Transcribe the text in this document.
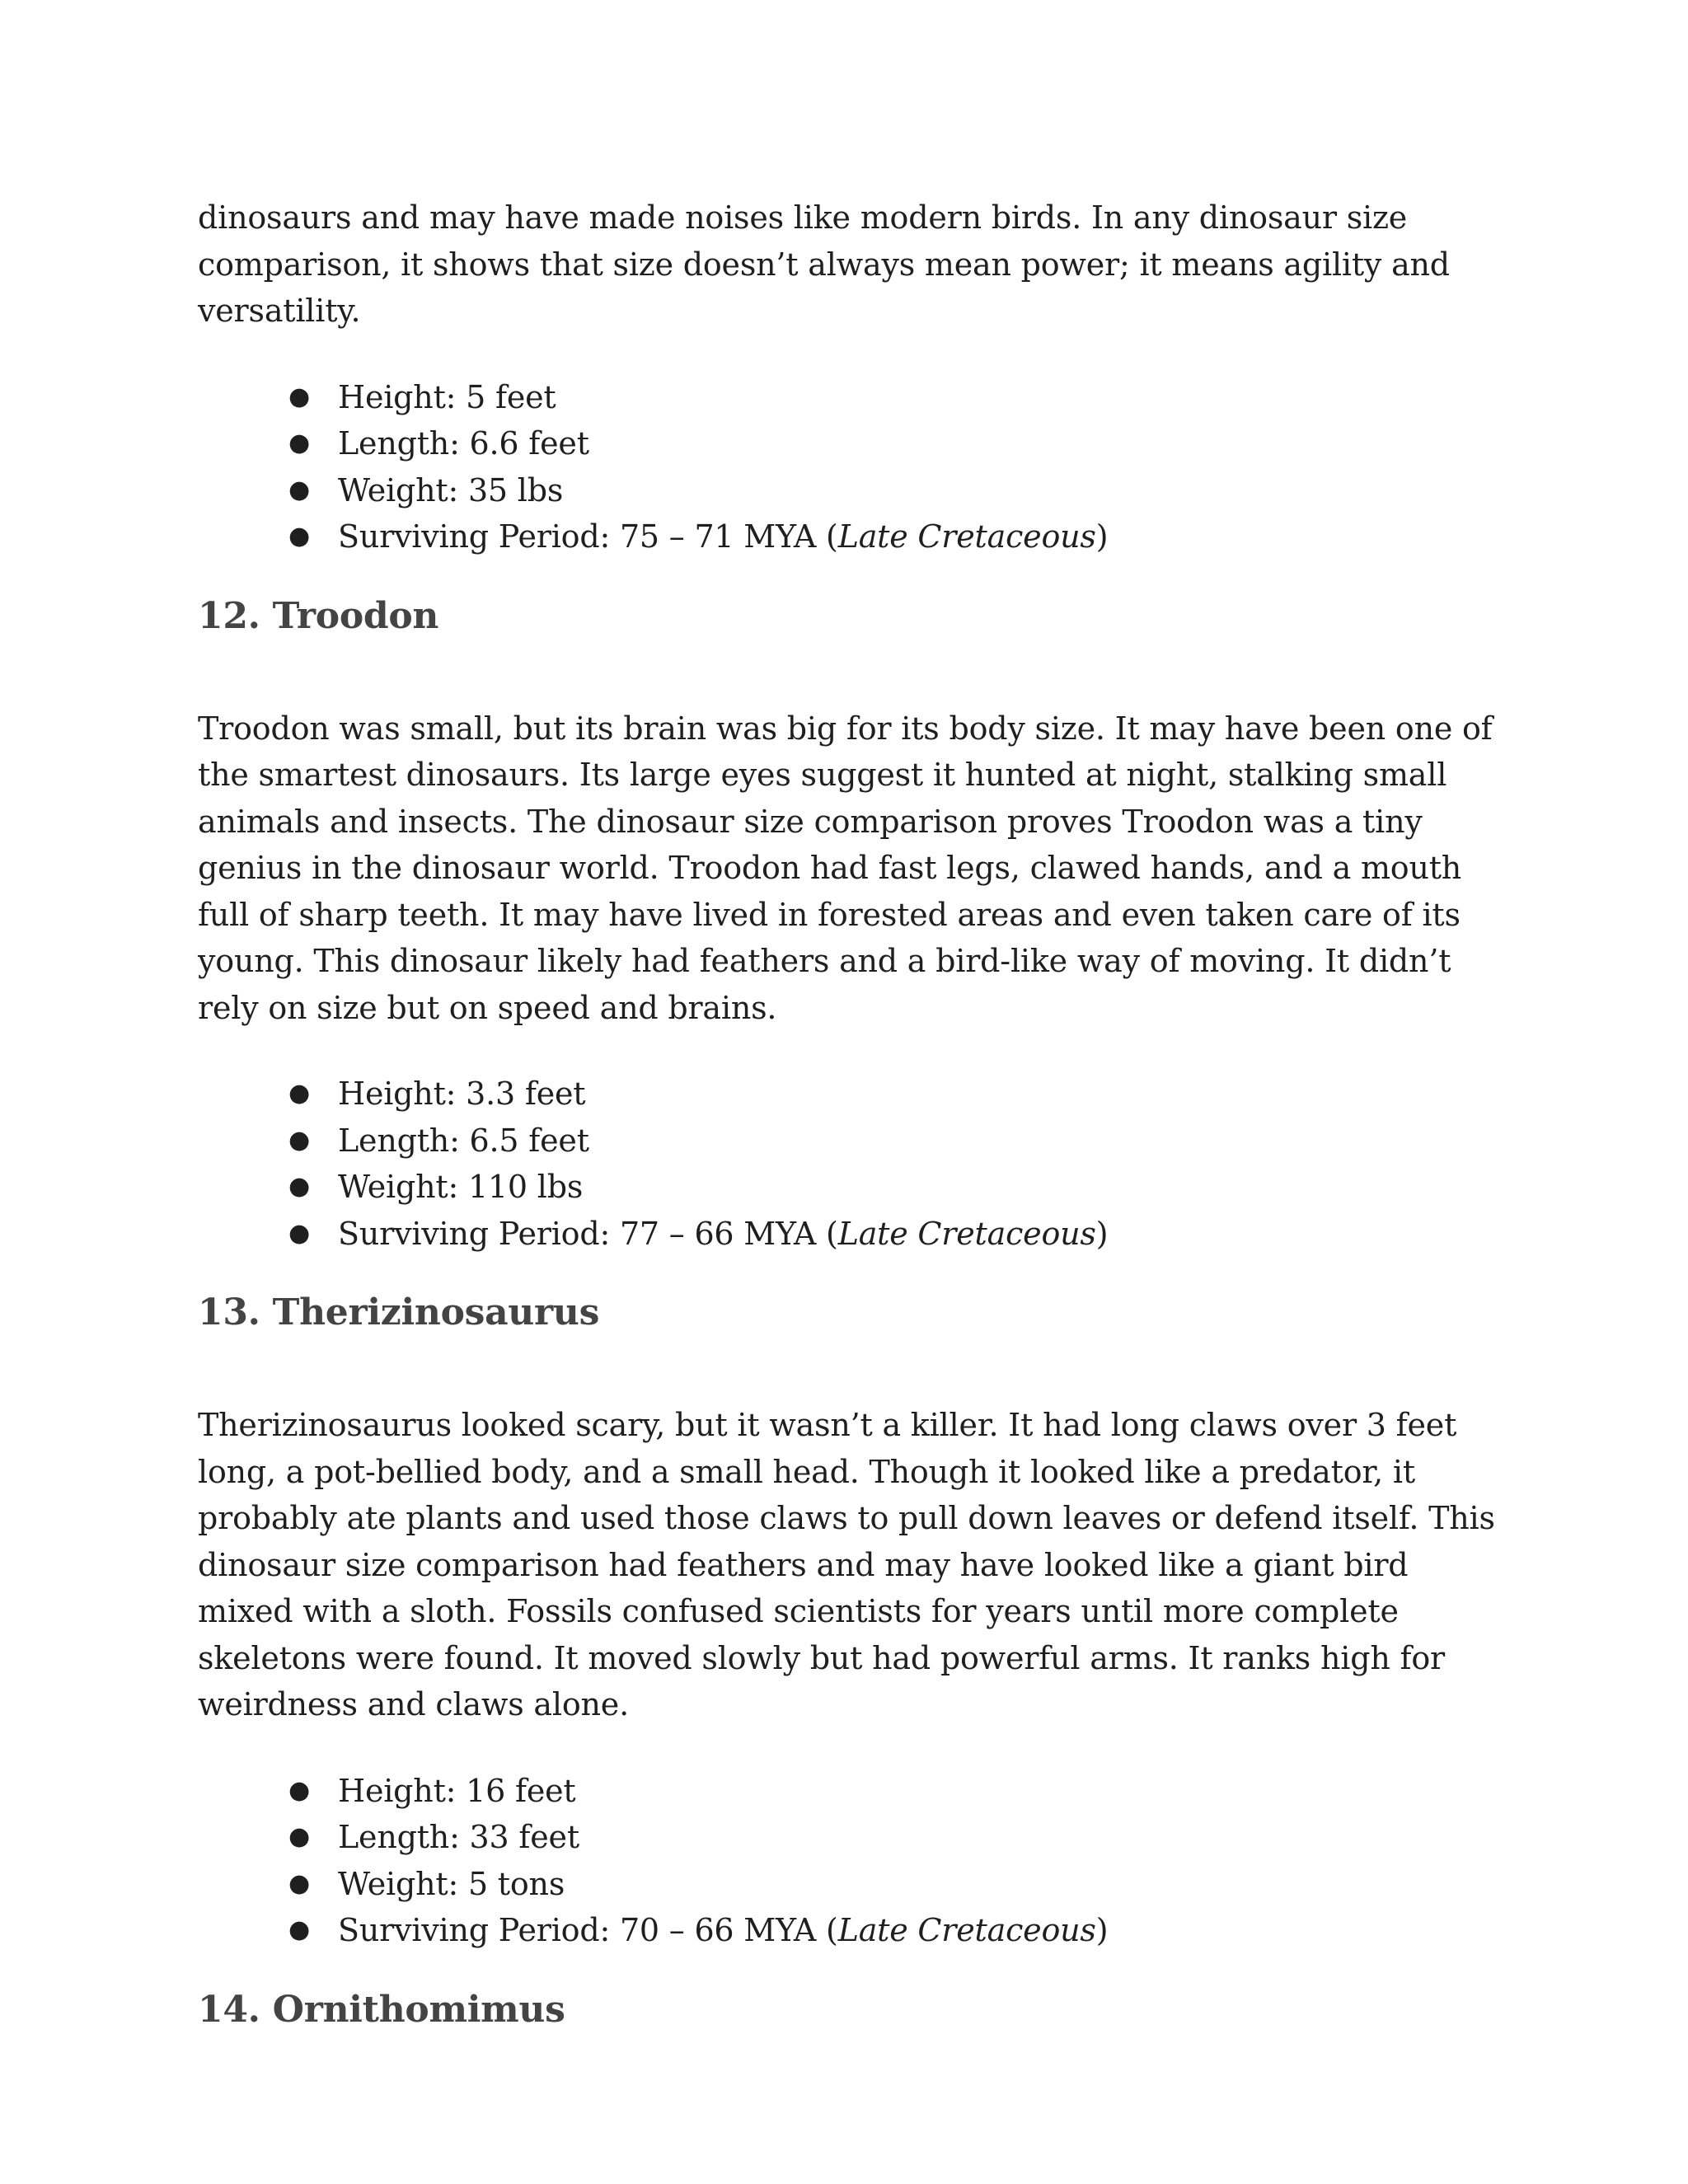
dinosaurs and may have made noises like modern birds. In any dinosaur size comparison, it shows that size doesn’t always mean power; it means agility and versatility.

● Height: 5 feet
● Length: 6.6 feet
● Weight: 35 lbs
● Surviving Period: 75 – 71 MYA (Late Cretaceous)
12. Troodon

Troodon was small, but its brain was big for its body size. It may have been one of the smartest dinosaurs. Its large eyes suggest it hunted at night, stalking small animals and insects. The dinosaur size comparison proves Troodon was a tiny genius in the dinosaur world. Troodon had fast legs, clawed hands, and a mouth full of sharp teeth. It may have lived in forested areas and even taken care of its young. This dinosaur likely had feathers and a bird-like way of moving. It didn’t rely on size but on speed and brains.

● Height: 3.3 feet
● Length: 6.5 feet
● Weight: 110 lbs
● Surviving Period: 77 – 66 MYA (Late Cretaceous)
13. Therizinosaurus

Therizinosaurus looked scary, but it wasn’t a killer. It had long claws over 3 feet long, a pot-bellied body, and a small head. Though it looked like a predator, it probably ate plants and used those claws to pull down leaves or defend itself. This dinosaur size comparison had feathers and may have looked like a giant bird mixed with a sloth. Fossils confused scientists for years until more complete skeletons were found. It moved slowly but had powerful arms. It ranks high for weirdness and claws alone.

● Height: 16 feet
● Length: 33 feet
● Weight: 5 tons
● Surviving Period: 70 – 66 MYA (Late Cretaceous)
14. Ornithomimus
